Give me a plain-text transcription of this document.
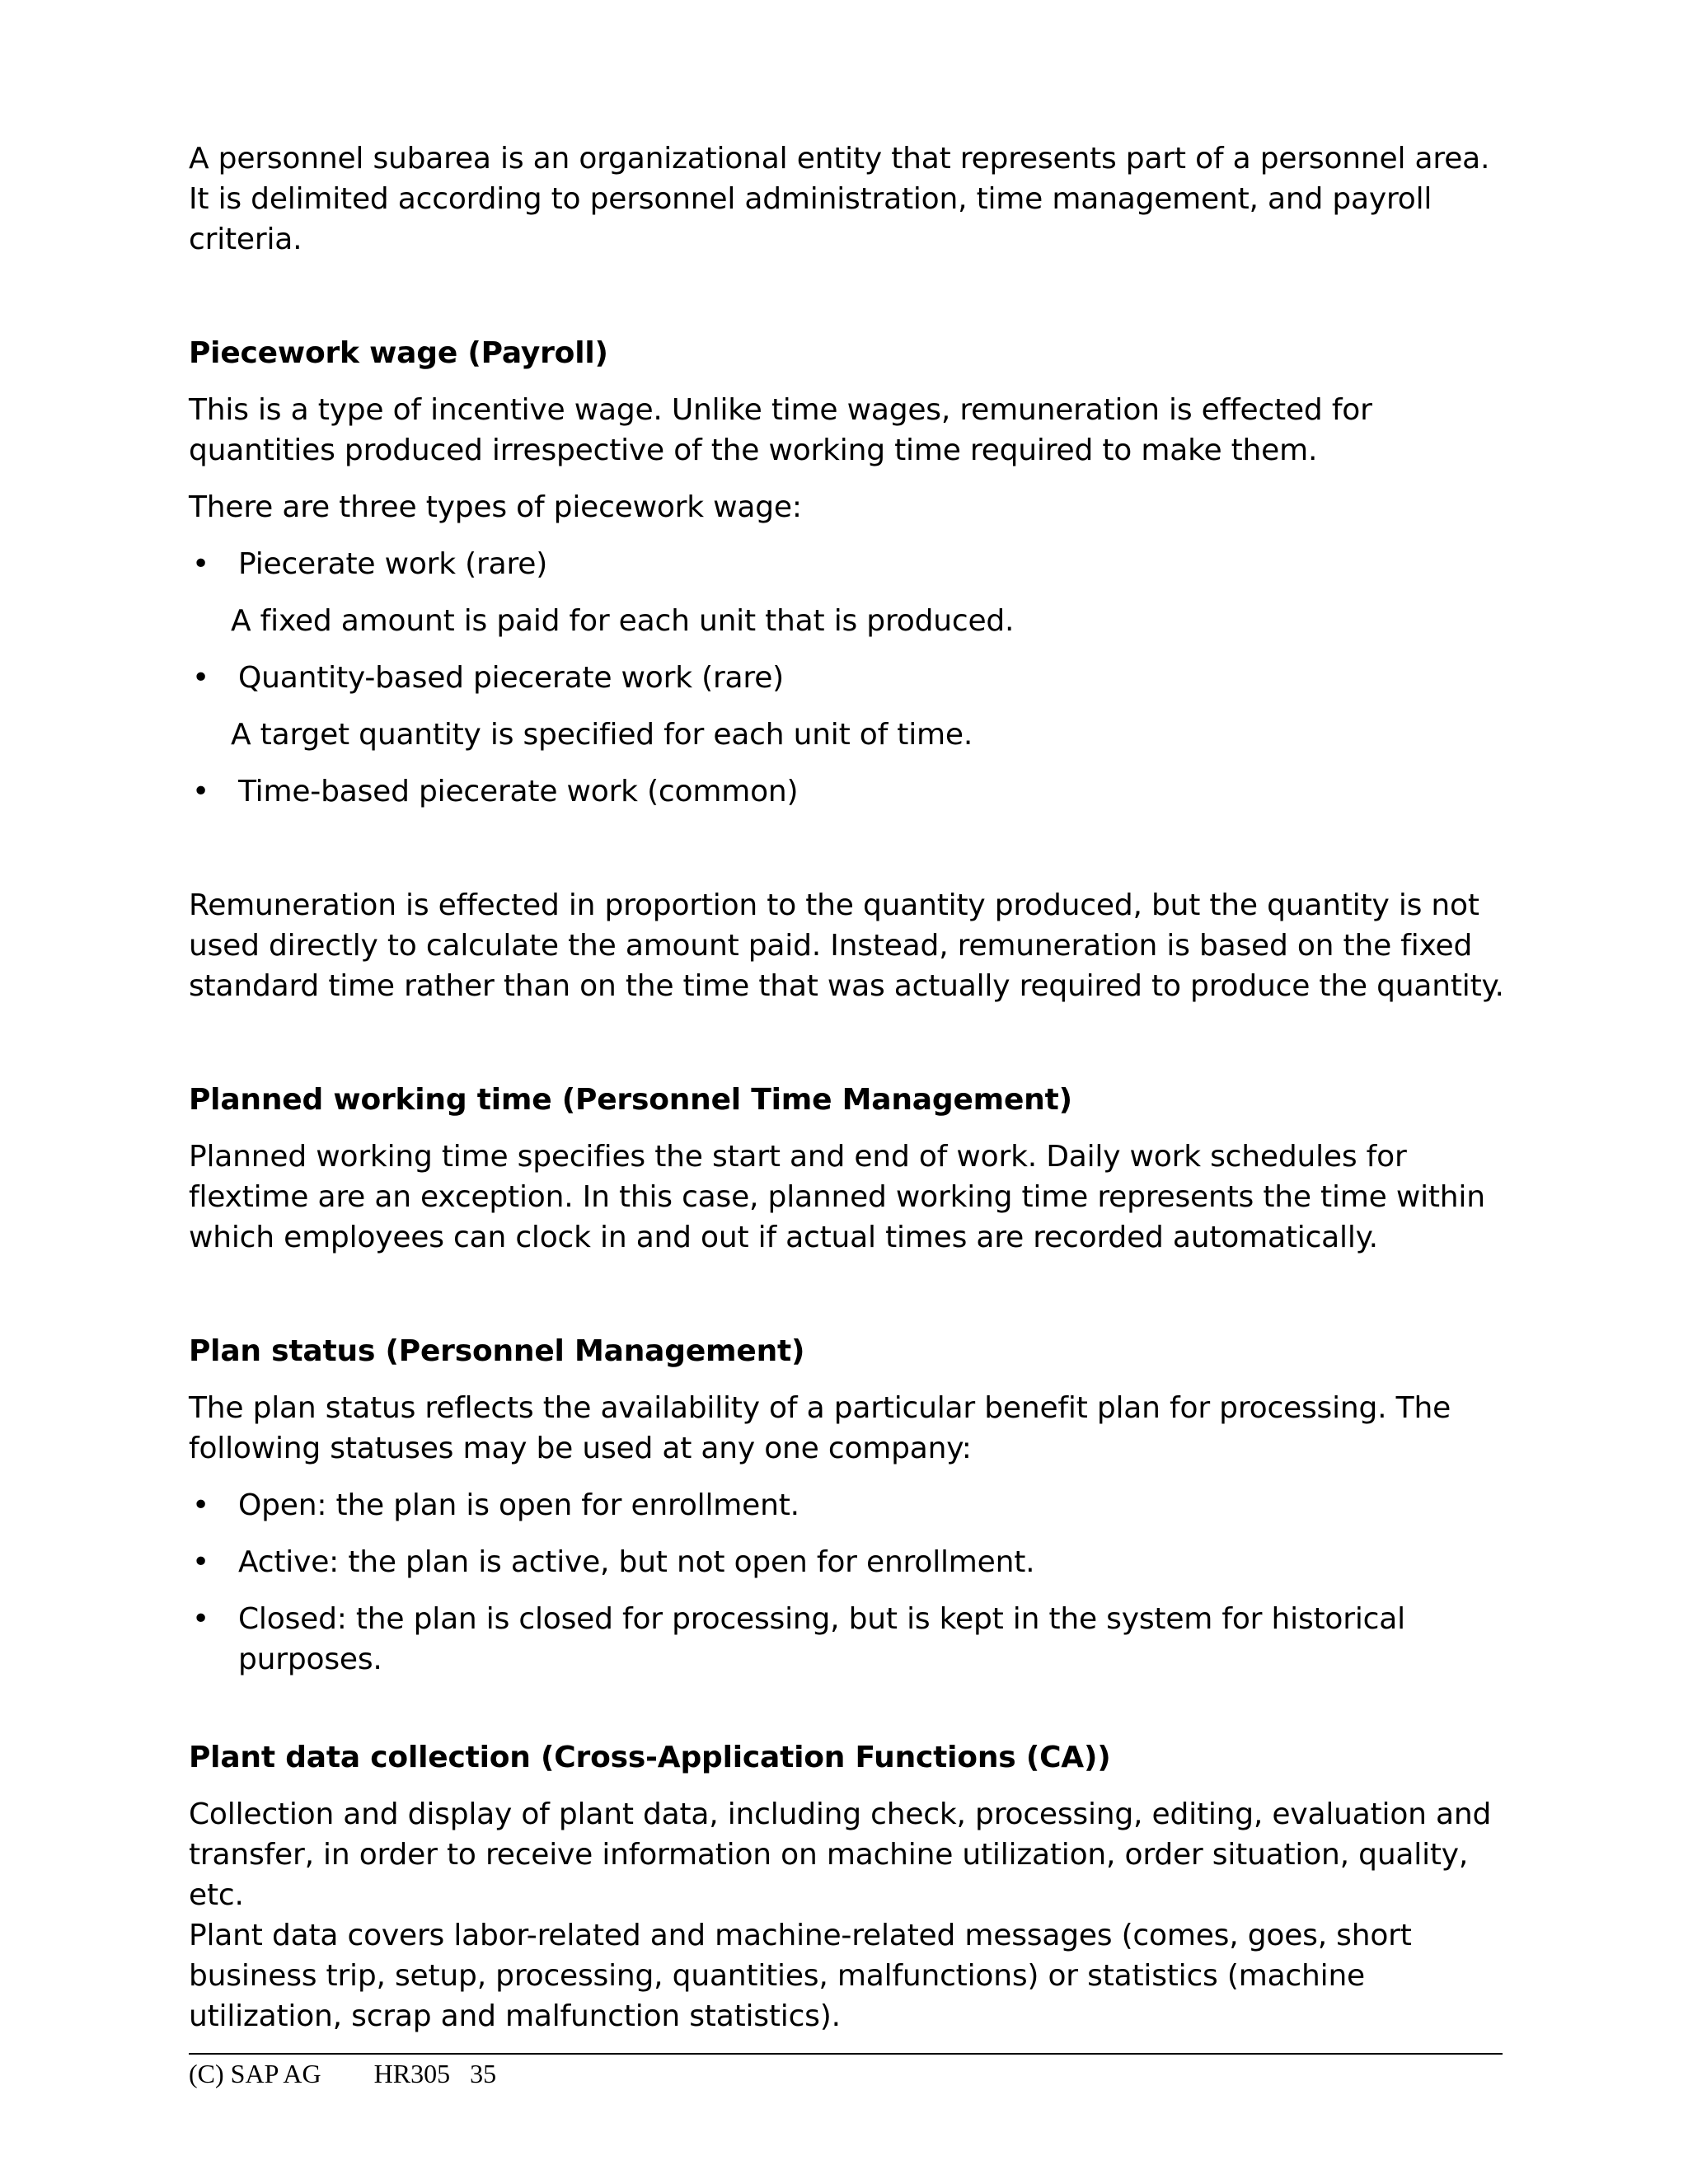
A personnel subarea is an organizational entity that represents part of a personnel area. It is delimited according to personnel administration, time management, and payroll criteria.

Piecework wage (Payroll)

This is a type of incentive wage. Unlike time wages, remuneration is effected for quantities produced irrespective of the working time required to make them.

There are three types of piecework wage:

• Piecerate work (rare)

A fixed amount is paid for each unit that is produced.

• Quantity-based piecerate work (rare)

A target quantity is specified for each unit of time.

• Time-based piecerate work (common)

Remuneration is effected in proportion to the quantity produced, but the quantity is not used directly to calculate the amount paid. Instead, remuneration is based on the fixed standard time rather than on the time that was actually required to produce the quantity.

Planned working time (Personnel Time Management)

Planned working time specifies the start and end of work. Daily work schedules for flextime are an exception. In this case, planned working time represents the time within which employees can clock in and out if actual times are recorded automatically.

Plan status (Personnel Management)

The plan status reflects the availability of a particular benefit plan for processing. The following statuses may be used at any one company:

• Open: the plan is open for enrollment.
• Active: the plan is active, but not open for enrollment.
• Closed: the plan is closed for processing, but is kept in the system for historical purposes.

Plant data collection (Cross-Application Functions (CA))

Collection and display of plant data, including check, processing, editing, evaluation and transfer, in order to receive information on machine utilization, order situation, quality, etc.

Plant data covers labor-related and machine-related messages (comes, goes, short business trip, setup, processing, quantities, malfunctions) or statistics (machine utilization, scrap and malfunction statistics).

(C) SAP AG HR305 35
